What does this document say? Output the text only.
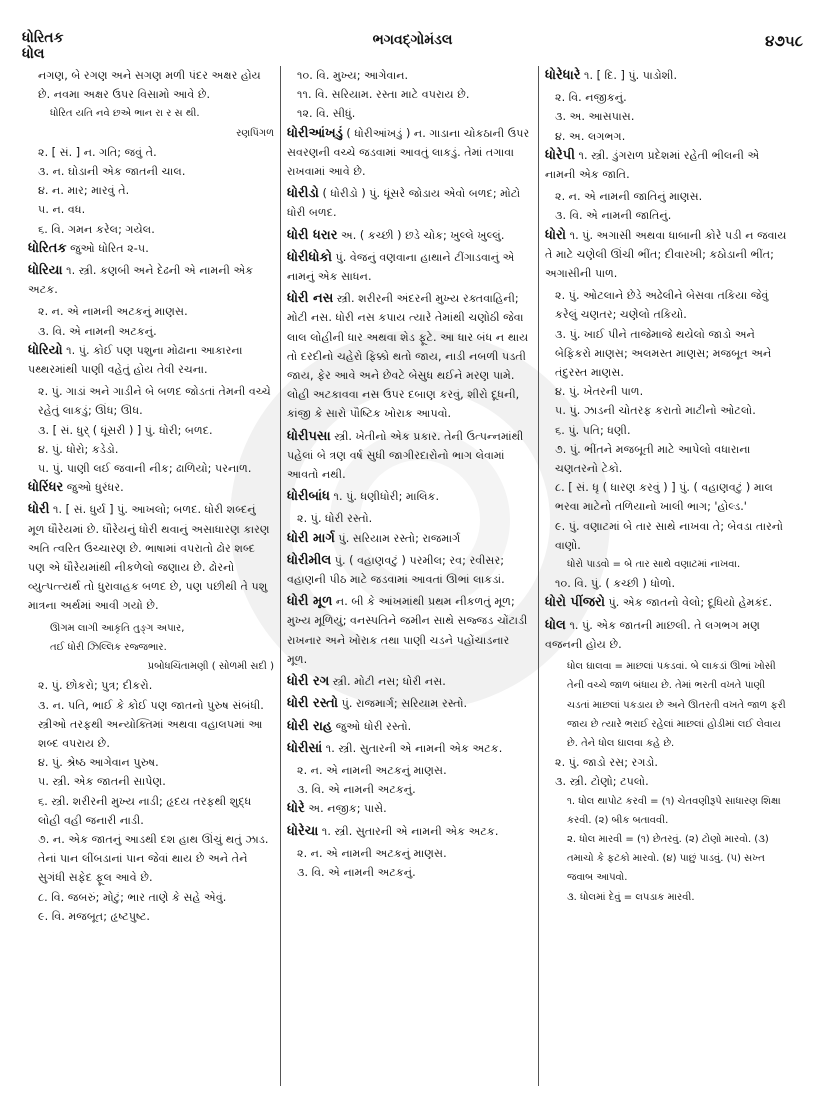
ધોરિતક
ધોલ
ભગવદ્ગોમંડલ	૪૭૫૮
નગણ, બે રગણ અને સગણ મળી પંદર અક્ષર હોય છે. નવમા અક્ષર ઉપર વિસામો આવે છે.
ધોરિત યતિ નવે છએ ભાન રા ર સ થી.
રણપિંગળ
૨. [ સં. ] ન. ગતિ; જવું તે.
૩. ન. ઘોડાની એક જાતની ચાલ.
૪. ન. માર; મારવું તે.
૫. ન. વધ.
૬. વિ. ગમન કરેલ; ગયેલ.
ધોરિતક જુઓ ધોરિત ૨-૫.
ધોરિયા ૧. સ્ત્રી. કણબી અને દેઢની એ નામની એક અટક.
૨. ન. એ નામની અટકનું માણસ.
૩. વિ. એ નામની અટકનું.
ધોરિયો ૧. પું. કોઈ પણ પશુના મોઢાના આકારના પથ્થરમાંથી પાણી વહેતું હોય તેવી રચના.
૨. પું. ગાડાં અને ગાડીને બે બળદ જોડતાં તેમની વચ્ચે રહેતું લાકડું; ઊંધ; ઊધ.
૩. [ સં. ધુર્ ( ધૂંસરી ) ] પું. ધોરી; બળદ.
૪. પું. ધોરો; કડેડો.
૫. પું. પાણી લઈ જવાની નીક; ઢાળિયો; પરનાળ.
ધોરિંધર જુઓ ધુરંધર.
ધોરી ૧. [ સં. ધુર્ય ] પું. આખલો; બળદ. ધોરી શબ્દનું મૂળ ધૌરેયમાં છે. ધૌરેયનું ધોરી થવાનું અસાધારણ કારણ અતિ ત્વરિત ઉચ્ચારણ છે. ભાષામાં વપરાતો ઢોર શબ્દ પણ એ ધૌરેયમાંથી નીકળેલો જણાય છે. ઢોરનો વ્યુત્પત્ત્યર્થ તો ધુરાવાહક બળદ છે, પણ પછીથી તે પશુ માત્રના અર્થમાં આવી ગયો છે.
ઊગમ લાગી આકૃતિ તુઙ્ગ અપાર,
તઈ ધોરી ઝિલ્લિક રજ્જભાર.
પ્રબોધચિંતામણી ( સોળમી સદી )
૨. પું. છોકરો; પુત્ર; દીકરો.
૩. ન. પતિ, ભાઈ કે કોઈ પણ જાતનો પુરુષ સંબંધી. સ્ત્રીઓ તરફથી અન્યોક્તિમાં અથવા વહાલપમાં આ શબ્દ વપરાય છે.
૪. પું. શ્રેષ્ઠ આગેવાન પુરુષ.
૫. સ્ત્રી. એક જાતની સાપેણ.
૬. સ્ત્રી. શરીરની મુખ્ય નાડી; હૃદય તરફથી શુદ્ધ લોહી વહી જનારી નાડી.
૭. ન. એક જાતનું આડથી દશ હાથ ઊંચું થતું ઝાડ. તેનાં પાન લીંબડાનાં પાન જેવાં થાય છે અને તેને સુગંધી સફેદ ફૂલ આવે છે.
૮. વિ. જબરું; મોટું; ભાર તાણે કે સહે એવું.
૯. વિ. મજબૂત; હૃષ્ટપુષ્ટ.
૧૦. વિ. મુખ્ય; આગેવાન.
૧૧. વિ. સરિયામ. રસ્તા માટે વપરાય છે.
૧૨. વિ. સીધું.
ધોરીઆંખડું ( ધોરીઆંખડું ) ન. ગાડાના ચોકઠાની ઉપર સવરણની વચ્ચે જડવામાં આવતું લાકડું. તેમાં તગાવા રાખવામાં આવે છે.
ધોરીડો ( ધોરીડો ) પું. ધૂંસરે જોડાય એવો બળદ; મોટો ધોરી બળદ.
ધોરી ધરાર અ. ( કચ્છી ) છડે ચોક; ખુલ્લે ખુલ્લું.
ધોરીધોકો પું. વેજનું વણવાના હાથાને ટીંગાડવાનું એ નામનું એક સાધન.
ધોરી નસ સ્ત્રી. શરીરની અંદરની મુખ્ય રક્તવાહિની; મોટી નસ. ધોરી નસ કપાય ત્યારે તેમાંથી ચણોઠી જેવા લાલ લોહીની ધાર અથવા શેડ ફૂટે. આ ધાર બંધ ન થાય તો દરદીનો ચહેરો ફિક્કો થતો જાય, નાડી નબળી પડતી જાય, ફેર આવે અને છેવટે બેસુધ થઈને મરણ પામે. લોહી અટકાવવા નસ ઉપર દબાણ કરવું, શીરો દૂધની, કાંજી કે સારો પૌષ્ટિક ખોરાક આપવો.
ધોરીપસા સ્ત્રી. ખેતીનો એક પ્રકાર. તેની ઉત્પન્નમાંથી પહેલાં બે ત્રણ વર્ષ સુધી જાગીરદારોનો ભાગ લેવામાં આવતો નથી.
ધોરીબાંધ ૧. પું. ધણીધોરી; માલિક.
૨. પું. ધોરી રસ્તો.
ધોરી માર્ગ પું. સરિયામ રસ્તો; રાજમાર્ગ
ધોરીમીલ પું. ( વહાણવટું ) પરમીલ; રવ; રવીસર; વહાણની પીઠ માટે જડવામાં આવતાં ઊભાં લાકડાં.
ધોરી મૂળ ન. બી કે આંખમાંથી પ્રથમ નીકળતું મૂળ; મુખ્ય મૂળિયું; વનસ્પતિને જમીન સાથે સજ્જડ ચોંટાડી રાખનાર અને ખોરાક તથા પાણી ચડને પહોંચાડનાર મૂળ.
ધોરી રગ સ્ત્રી. મોટી નસ; ધોરી નસ.
ધોરી રસ્તો પું. રાજમાર્ગ; સરિયામ રસ્તો.
ધોરી રાહ જુઓ ધોરી રસ્તો.
ધોરીસાં ૧. સ્ત્રી. સુતારની એ નામની એક અટક.
૨. ન. એ નામની અટકનું માણસ.
૩. વિ. એ નામની અટકનું.
ધોરે અ. નજીક; પાસે.
ધોરેચા ૧. સ્ત્રી. સુતારની એ નામની એક અટક.
૨. ન. એ નામની અટકનું માણસ.
૩. વિ. એ નામની અટકનું.
ધોરેધારે ૧. [ દિ. ] પું. પાડોશી.
૨. વિ. નજીકનું.
૩. અ. આસપાસ.
૪. અ. લગભગ.
ધોરેપી ૧. સ્ત્રી. ડુંગરાળ પ્રદેશમાં રહેતી ભીલની એ નામની એક જાતિ.
૨. ન. એ નામની જાતિનું માણસ.
૩. વિ. એ નામની જાતિનું.
ધોરો ૧. પું. અગાસી અથવા ધાબાની કોરે પડી ન જવાય તે માટે ચણેલી ઊંચી ભીંત; દીવારખી; કઠોડાની ભીંત; અગાસીની પાળ.
૨. પું. ઓટલાને છેડે અઢેલીને બેસવા તકિયા જેવું કરેલું ચણતર; ચણેલો તકિયો.
૩. પું. ખાઈ પીને તાજેમાજે થયેલો જાડો અને બેફિકરો માણસ; અલમસ્ત માણસ; મજબૂત અને તંદુરસ્ત માણસ.
૪. પું. ખેતરની પાળ.
૫. પું. ઝાડની ચોતરફ કરાતો માટીનો ઓટલો.
૬. પું. પતિ; ધણી.
૭. પું. ભીંતને મજબૂતી માટે આપેલો વધારાના ચણતરનો ટેકો.
૮. [ સં. ધૃ ( ધારણ કરવું ) ] પું. ( વહાણવટું ) માલ ભરવા માટેનો તળિયાનો ખાલી ભાગ; 'હોલ્ડ.'
૯. પું. વણાટમાં બે તાર સાથે નાખવા તે; બેવડા તારનો વાણો.
ધોરો પાડવો = બે તાર સાથે વણાટમાં નાખવા.
૧૦. વિ. પું. ( કચ્છી ) ધોળો.
ધોરો પીંજરો પું. એક જાતનો વેલો; દૂધિયો હેમકંદ.
ધોલ ૧. પું. એક જાતની માછલી. તે લગભગ મણ વજનની હોય છે.
ધોલ ઘાલવા = માછલાં પકડવાં. બે લાકડાં ઊભાં ખોસી તેની વચ્ચે જાળ બંધાય છે. તેમાં ભરતી વખતે પાણી ચડતાં માછલાં પકડાય છે અને ઊતરતી વખતે જાળ ફરી જાય છે ત્યારે ભરાઈ રહેલાં માછલાં હોડીમાં લઈ લેવાય છે. તેને ધોલ ઘાલવા કહે છે.
૨. પું. જાડો રસ; રગડો.
૩. સ્ત્રી. ટોણો; ટપલો.
૧. ધોલ થાપોટ કરવી = (૧) ચેતવણીરૂપે સાધારણ શિક્ષા કરવી. (૨) બીક બતાવવી.
૨. ધોલ મારવી = (૧) છેતરવું. (૨) ટોણો મારવો. (૩) તમાચો કે ફટકો મારવો. (૪) પાછું પાડવું. (૫) સખ્ત જવાબ આપવો.
૩. ધોલમાં દેવું = લપડાક મારવી.
